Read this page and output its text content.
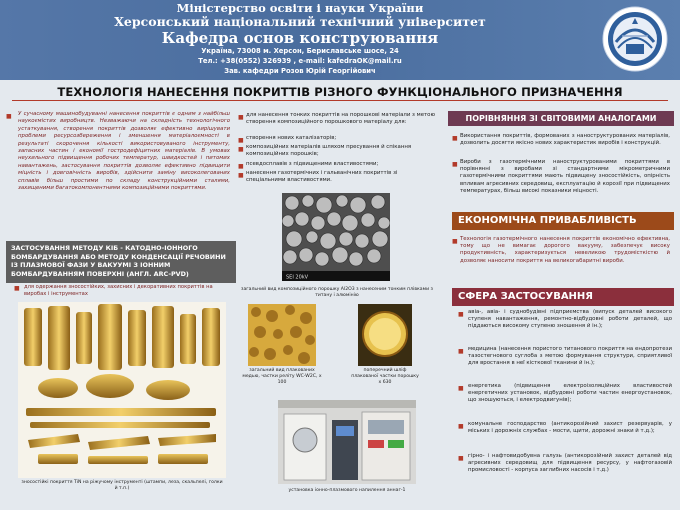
Міністерство освіти і науки України
Херсонський національний технічний університет
Кафедра основ конструювання
Україна, 73008 м. Херсон, Бериславське шосе, 24
Тел.: +38(0552) 326939 , e-mail: kafedraOK@mail.ru
Зав. кафедри Розов Юрій Георгійович
ТЕХНОЛОГІЯ НАНЕСЕННЯ ПОКРИТТІВ РІЗНОГО ФУНКЦІОНАЛЬНОГО ПРИЗНАЧЕННЯ
■	У сучасному машинобудуванні нанесення покриттів є одним з найбільш наукоємістих виробництв. Незважаючи на складність технологічного устаткування, створення покриттів дозволяє ефективно вирішувати проблеми ресурсозбереження і зменшення матеріалоємності в результаті скорочення кількості використовуваного інструменту, запасних частин і економії гостродефіцитних матеріалів. В умовах неухильного підвищення робочих температур, швидкостей і питомих навантажень, застосування покриттів дозволяє ефективно підвищити міцність і довговічність виробів, здійснити заміну високолегованих сплавів більш простими по складу конструкційними сталями, захищеними багатокомпонентними композиційними покриттями.
ЗАСТОСУВАННЯ МЕТОДУ КІБ - КАТОДНО-ІОННОГО БОМБАРДУВАННЯ АБО МЕТОДУ КОНДЕНСАЦІЇ РЕЧОВИНИ ІЗ ПЛАЗМОВОЇ ФАЗИ У ВАКУУМІ З ІОННИМ БОМБАРДУВАННЯМ ПОВЕРХНІ (АНГЛ. ARC-PVD)
■ для одержання зносостійких, захисних і декоративних покриттів на виробах і інструментах
зносостійкі покриття TiN на ріжучому інструменті (штампи, леза, скальпелі, голки й т.п.)
■ для нанесення тонких покриттів на порошкові матеріали з метою створення композиційного порошкового матеріалу для:
■ створення нових каталізаторів;
■ композиційних матеріалів шляхом пресування й спікання композиційних порошків;
■ псевдосплавів з підвищеними властивостями;
■ нанесення газотермічних і гальванічних покриттів зі спеціальними властивостями.
SEI 20kV
загальний вид композиційного порошку Al2O3 з нанесеним тонким плівками з титану і алюмінію
загальний вид плакованих медью, частки реліту WC-W2C, x 100
поперечний шліф плакованої частки порошку x 630
установка іонно-плазмового напилення аннаг-1
ПОРІВНЯННЯ ЗІ СВІТОВИМИ АНАЛОГАМИ
■ Використання покриттів, формованих з наноструктурованих матеріалів, дозволить досягти якісно нових характеристик виробів і конструкцій.
■ Вироби з газотермічними наноструктурованими покриттями в порівнянні з виробами зі стандартними мікрометричними газотермічними покриттями мають підвищену зносостійкість, опірність впливам агресивних середовищ, експлуатацію й корозії при підвищених температурах, більш високі показники міцності.
ЕКОНОМІЧНА ПРИВАБЛИВІСТЬ
■ Технологія газотермічного нанесення покриттів економічно ефективна, тому що не вимагає дорогого вакууму, забезпечує високу продуктивність, характеризується невеликою трудомісткістю й дозволяє наносити покриття на великогабаритні вироби.
СФЕРА ЗАСТОСУВАННЯ
■ авіа-, авіа- і суднобудівні підприємства (випуск деталей високого ступеня навантаження, ремонтно-відбудовні роботи деталей, що піддаються високому ступеню зношення й ін.);
■ медицина (нанесення пористого титанового покриття на ендопротези тазостегнового суглоба з метою формування структури, сприятливої для вростання в неї кісткової тканини й ін.);
■ енергетика (підвищення електроізоляційних властивостей енергетичних установок, відбудовні роботи частин енергоустановок, що зношуються, і електродвигунів);
■ комунальне господарство (антикорозійний захист резервуарів, у міських і дорожніх службах - мости, щити, дорожні знаки й т.д.);
■ гірно- і нафтовидобувна галузь (антикорозійний захист деталей від агресивних середовищ для підвищення ресурсу, у нафтогазовій промисловості - корпуса заглибних насосів і т.д.)
